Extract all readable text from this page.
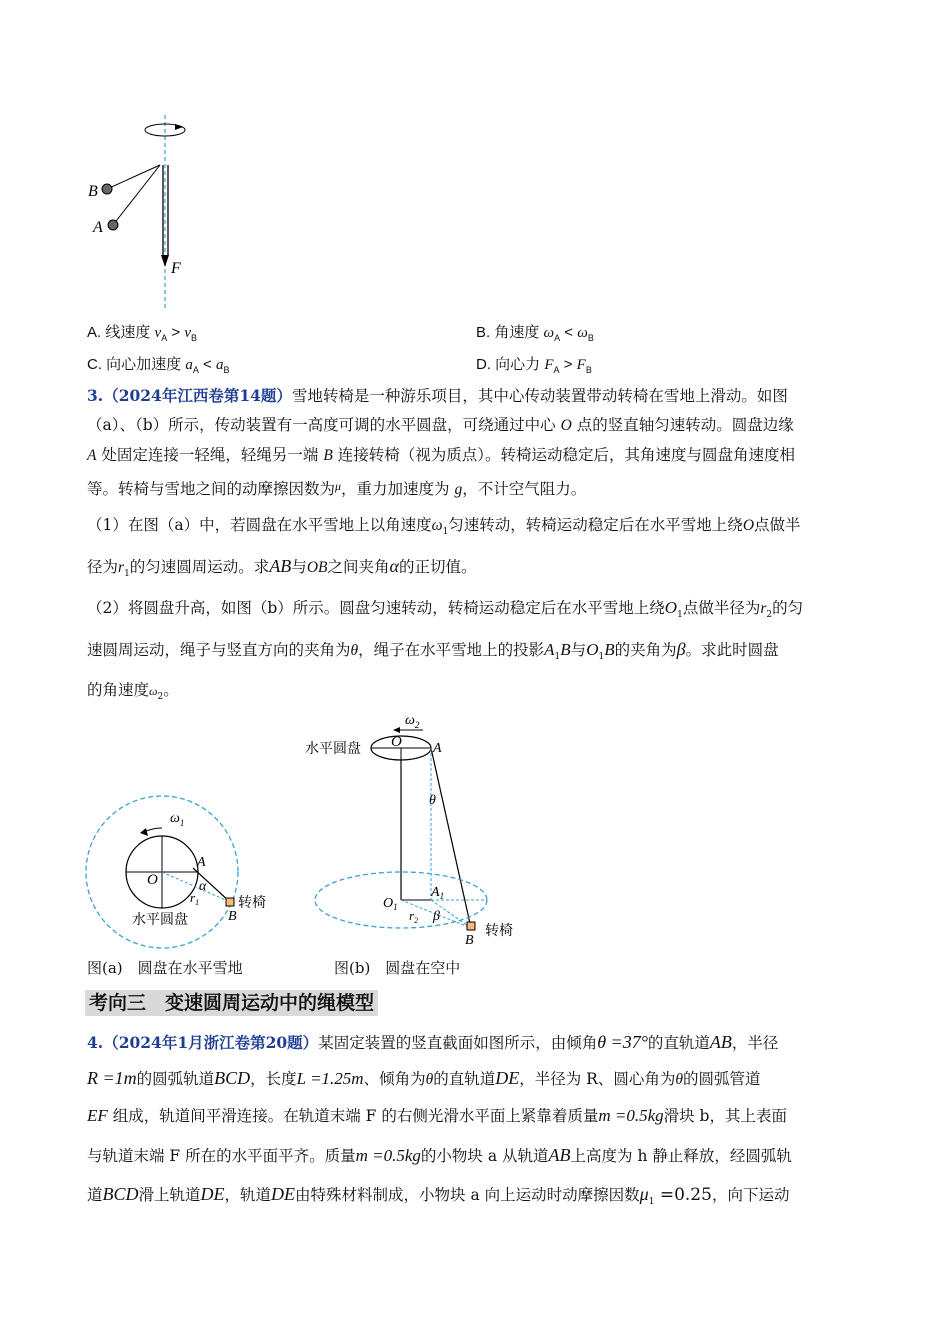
B
A
F
A. 线速度 $v_A > v_B$	B. 角速度 $\omega_A < \omega_B$
C. 向心加速度 $a_A < a_B$	D. 向心力 $F_A > F_B$
3.（2024年江西卷第14题）雪地转椅是一种游乐项目，其中心传动装置带动转椅在雪地上滑动。如图
（a）、（b）所示，传动装置有一高度可调的水平圆盘，可绕通过中心 O 点的竖直轴匀速转动。圆盘边缘
A 处固定连接一轻绳，轻绳另一端 B 连接转椅（视为质点）。转椅运动稳定后，其角速度与圆盘角速度相
等。转椅与雪地之间的动摩擦因数为$^\mu$，重力加速度为 g，不计空气阻力。
（1）在图（a）中，若圆盘在水平雪地上以角速度$\omega_1$匀速转动，转椅运动稳定后在水平雪地上绕O点做半
径为$r_1$的匀速圆周运动。求AB与OB之间夹角α的正切值。
（2）将圆盘升高，如图（b）所示。圆盘匀速转动，转椅运动稳定后在水平雪地上绕$O_1$点做半径为$r_2$的匀
速圆周运动，绳子与竖直方向的夹角为θ，绳子在水平雪地上的投影$A_1B$与$O_1B$的夹角为β。求此时圆盘
的角速度$\omega_2$。
$\omega_1$
O
A
α
$r_1$
B
转椅
水平圆盘
图(a)　圆盘在水平雪地
水平圆盘
$\omega_2$
O A
θ
$O_1$
$A_1$
$r_2$ β
B
转椅
图(b)　圆盘在空中
考向三　变速圆周运动中的绳模型
4.（2024年1月浙江卷第20题）某固定装置的竖直截面如图所示，由倾角θ =37°的直轨道AB，半径
R =1m的圆弧轨道BCD，长度L =1.25m、倾角为θ的直轨道DE，半径为 R、圆心角为θ的圆弧管道
EF 组成，轨道间平滑连接。在轨道末端 F 的右侧光滑水平面上紧靠着质量m =0.5kg滑块 b，其上表面
与轨道末端 F 所在的水平面平齐。质量m =0.5kg的小物块 a 从轨道AB上高度为 h 静止释放，经圆弧轨
道BCD滑上轨道DE，轨道DE由特殊材料制成，小物块 a 向上运动时动摩擦因数$\mu_1 =0.25$，向下运动
